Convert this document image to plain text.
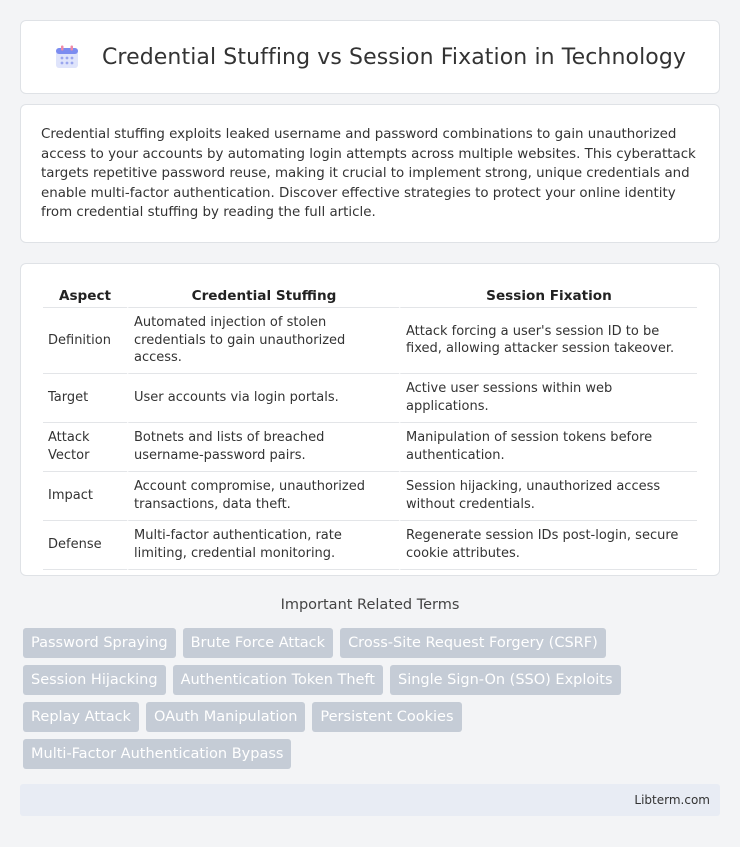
Credential Stuffing vs Session Fixation in Technology

Credential stuffing exploits leaked username and password combinations to gain unauthorized access to your accounts by automating login attempts across multiple websites. This cyberattack targets repetitive password reuse, making it crucial to implement strong, unique credentials and enable multi-factor authentication. Discover effective strategies to protect your online identity from credential stuffing by reading the full article.

Aspect	Credential Stuffing	Session Fixation
Definition	Automated injection of stolen credentials to gain unauthorized access.	Attack forcing a user's session ID to be fixed, allowing attacker session takeover.
Target	User accounts via login portals.	Active user sessions within web applications.
Attack Vector	Botnets and lists of breached username-password pairs.	Manipulation of session tokens before authentication.
Impact	Account compromise, unauthorized transactions, data theft.	Session hijacking, unauthorized access without credentials.
Defense	Multi-factor authentication, rate limiting, credential monitoring.	Regenerate session IDs post-login, secure cookie attributes.
Important Related Terms
Password Spraying	Brute Force Attack	Cross-Site Request Forgery (CSRF)
Session Hijacking	Authentication Token Theft	Single Sign-On (SSO) Exploits
Replay Attack	OAuth Manipulation	Persistent Cookies
Multi-Factor Authentication Bypass
Libterm.com
